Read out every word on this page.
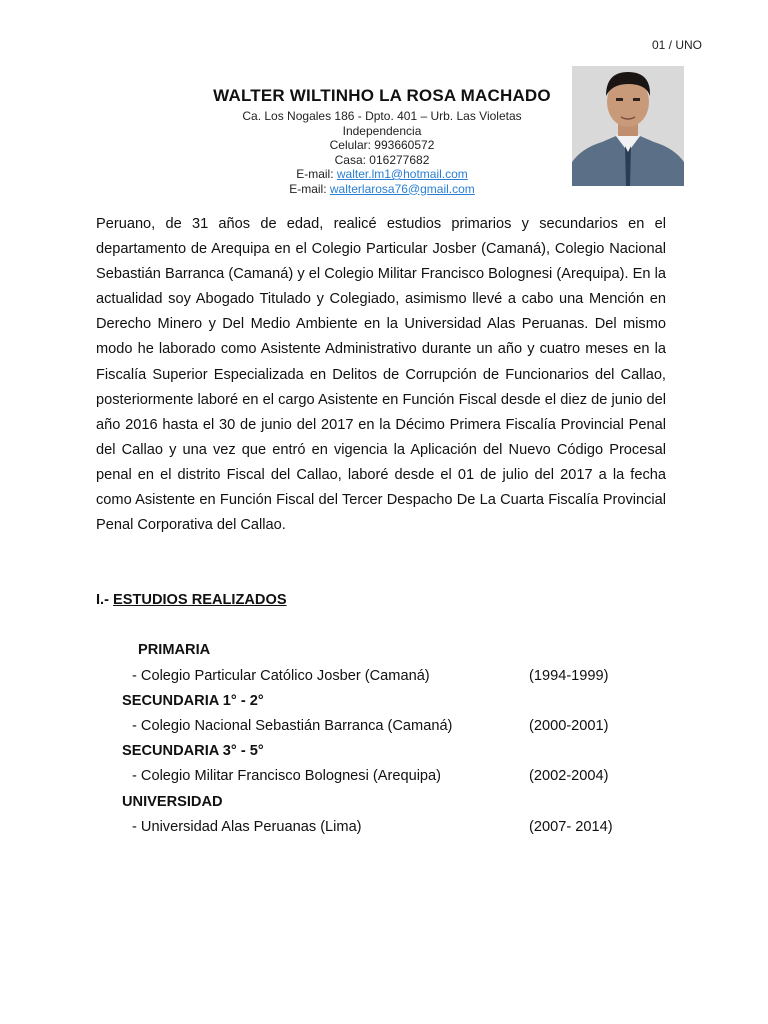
01 / UNO
WALTER WILTINHO LA ROSA MACHADO
Ca. Los Nogales 186 - Dpto. 401 – Urb. Las Violetas
Independencia
Celular: 993660572
Casa: 016277682
E-mail: walter.lm1@hotmail.com
E-mail: walterlarosa76@gmail.com
Peruano, de 31 años de edad, realicé estudios primarios y secundarios en el departamento de Arequipa en el Colegio Particular Josber (Camaná), Colegio Nacional Sebastián Barranca (Camaná) y el Colegio Militar Francisco Bolognesi (Arequipa). En la actualidad soy Abogado Titulado y Colegiado, asimismo llevé a cabo una Mención en Derecho Minero y Del Medio Ambiente en la Universidad Alas Peruanas. Del mismo modo he laborado como Asistente Administrativo durante un año y cuatro meses en la Fiscalía Superior Especializada en Delitos de Corrupción de Funcionarios del Callao, posteriormente laboré en el cargo Asistente en Función Fiscal desde el diez de junio del año 2016 hasta el 30 de junio del 2017 en la Décimo Primera Fiscalía Provincial Penal del Callao y una vez que entró en vigencia la Aplicación del Nuevo Código Procesal penal en el distrito Fiscal del Callao, laboré desde el 01 de julio del 2017 a la fecha como Asistente en Función Fiscal del Tercer Despacho De La Cuarta Fiscalía Provincial Penal Corporativa del Callao.
I.- ESTUDIOS REALIZADOS
PRIMARIA
- Colegio Particular Católico Josber (Camaná)	(1994-1999)
SECUNDARIA 1° - 2°
- Colegio Nacional Sebastián Barranca (Camaná)	(2000-2001)
SECUNDARIA 3° - 5°
- Colegio Militar Francisco Bolognesi (Arequipa)	(2002-2004)
UNIVERSIDAD
- Universidad Alas Peruanas (Lima)	(2007- 2014)
